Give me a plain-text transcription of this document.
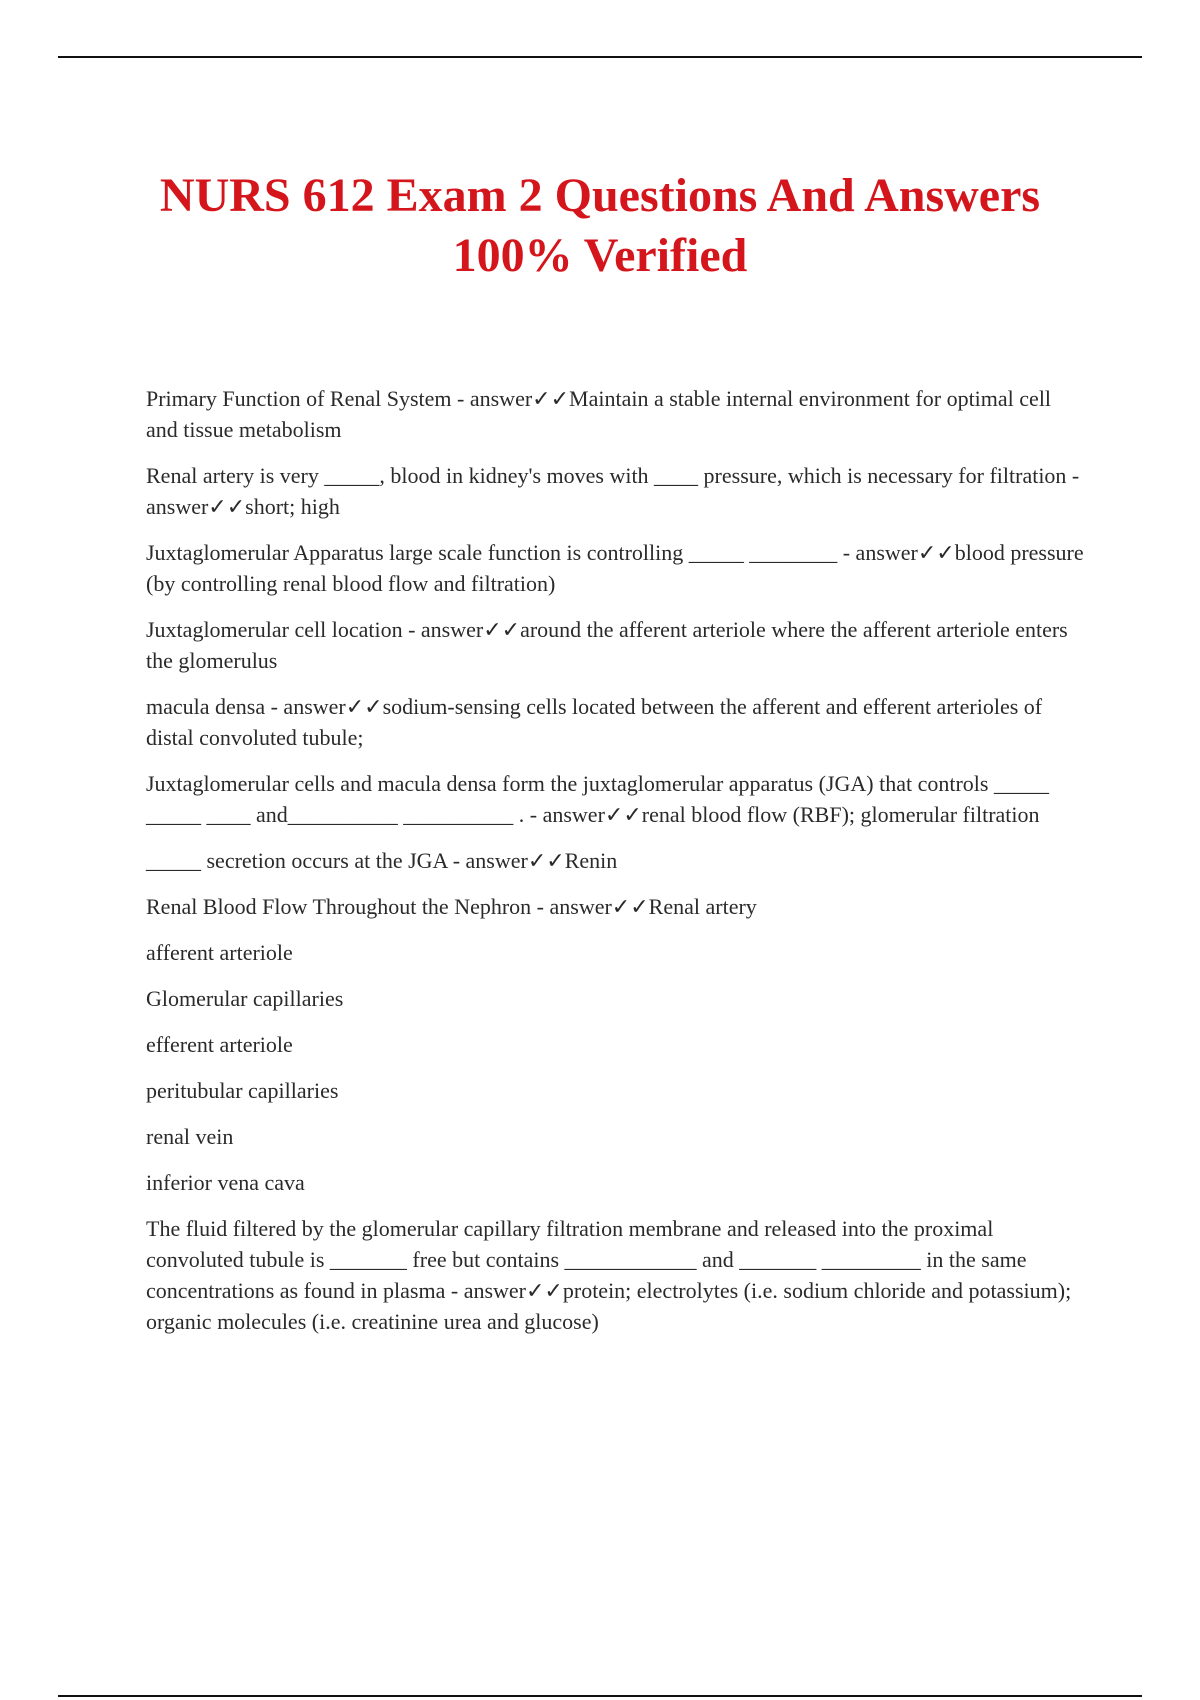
NURS 612 Exam 2 Questions And Answers
100% Verified

Primary Function of Renal System - answer✓✓Maintain a stable internal environment for optimal cell and tissue metabolism

Renal artery is very _____, blood in kidney's moves with ____ pressure, which is necessary for filtration - answer✓✓short; high

Juxtaglomerular Apparatus large scale function is controlling _____ ________ - answer✓✓blood pressure (by controlling renal blood flow and filtration)

Juxtaglomerular cell location - answer✓✓around the afferent arteriole where the afferent arteriole enters the glomerulus

macula densa - answer✓✓sodium-sensing cells located between the afferent and efferent arterioles of distal convoluted tubule;

Juxtaglomerular cells and macula densa form the juxtaglomerular apparatus (JGA) that controls _____ _____ ____ and__________ __________ . - answer✓✓renal blood flow (RBF); glomerular filtration

_____ secretion occurs at the JGA - answer✓✓Renin

Renal Blood Flow Throughout the Nephron - answer✓✓Renal artery

afferent arteriole

Glomerular capillaries

efferent arteriole

peritubular capillaries

renal vein

inferior vena cava

The fluid filtered by the glomerular capillary filtration membrane and released into the proximal convoluted tubule is _______ free but contains ____________ and _______ _________ in the same concentrations as found in plasma - answer✓✓protein; electrolytes (i.e. sodium chloride and potassium); organic molecules (i.e. creatinine urea and glucose)
